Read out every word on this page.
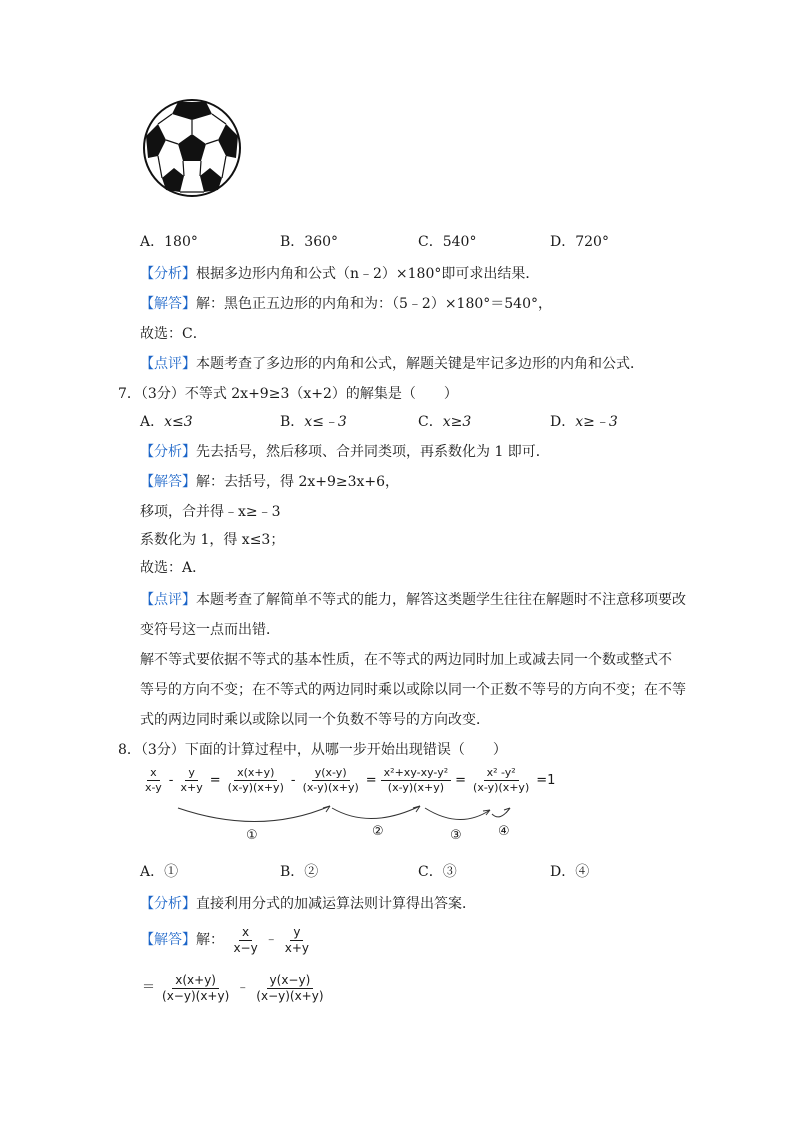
A．180°	B．360°	C．540°	D．720°
【分析】根据多边形内角和公式（n﹣2）×180°即可求出结果．
【解答】解：黑色正五边形的内角和为：（5﹣2）×180°＝540°，
故选：C．
【点评】本题考查了多边形的内角和公式，解题关键是牢记多边形的内角和公式．
7．（3分）不等式 2x+9≥3（x+2）的解集是（　　）
A．x≤3	B．x≤﹣3	C．x≥3	D．x≥﹣3
【分析】先去括号，然后移项、合并同类项，再系数化为 1 即可．
【解答】解：去括号，得 2x+9≥3x+6，
移项，合并得﹣x≥﹣3
系数化为 1，得 x≤3；
故选：A．
【点评】本题考查了解简单不等式的能力，解答这类题学生往往在解题时不注意移项要改
变符号这一点而出错．
解不等式要依据不等式的基本性质，在不等式的两边同时加上或减去同一个数或整式不
等号的方向不变；在不等式的两边同时乘以或除以同一个正数不等号的方向不变；在不等
式的两边同时乘以或除以同一个负数不等号的方向改变．
8．（3分）下面的计算过程中，从哪一步开始出现错误（　　）
$\frac{x}{x-y} - \frac{y}{x+y} = \frac{x(x+y)}{(x-y)(x+y)} - \frac{y(x-y)}{(x-y)(x+y)} = \frac{\text{x²+xy-xy-y²}}{(x-y)(x+y)} = \frac{\text{x² -y²}}{(x-y)(x+y)} =1$
①	②	③	④
A．①	B．②	C．③	D．④
【分析】直接利用分式的加减运算法则计算得出答案．
【解答】解： $\frac{x}{x-y}$ ﹣ $\frac{y}{x+y}$
＝ $\frac{x(x+y)}{(x-y)(x+y)}$ ﹣ $\frac{y(x-y)}{(x-y)(x+y)}$
